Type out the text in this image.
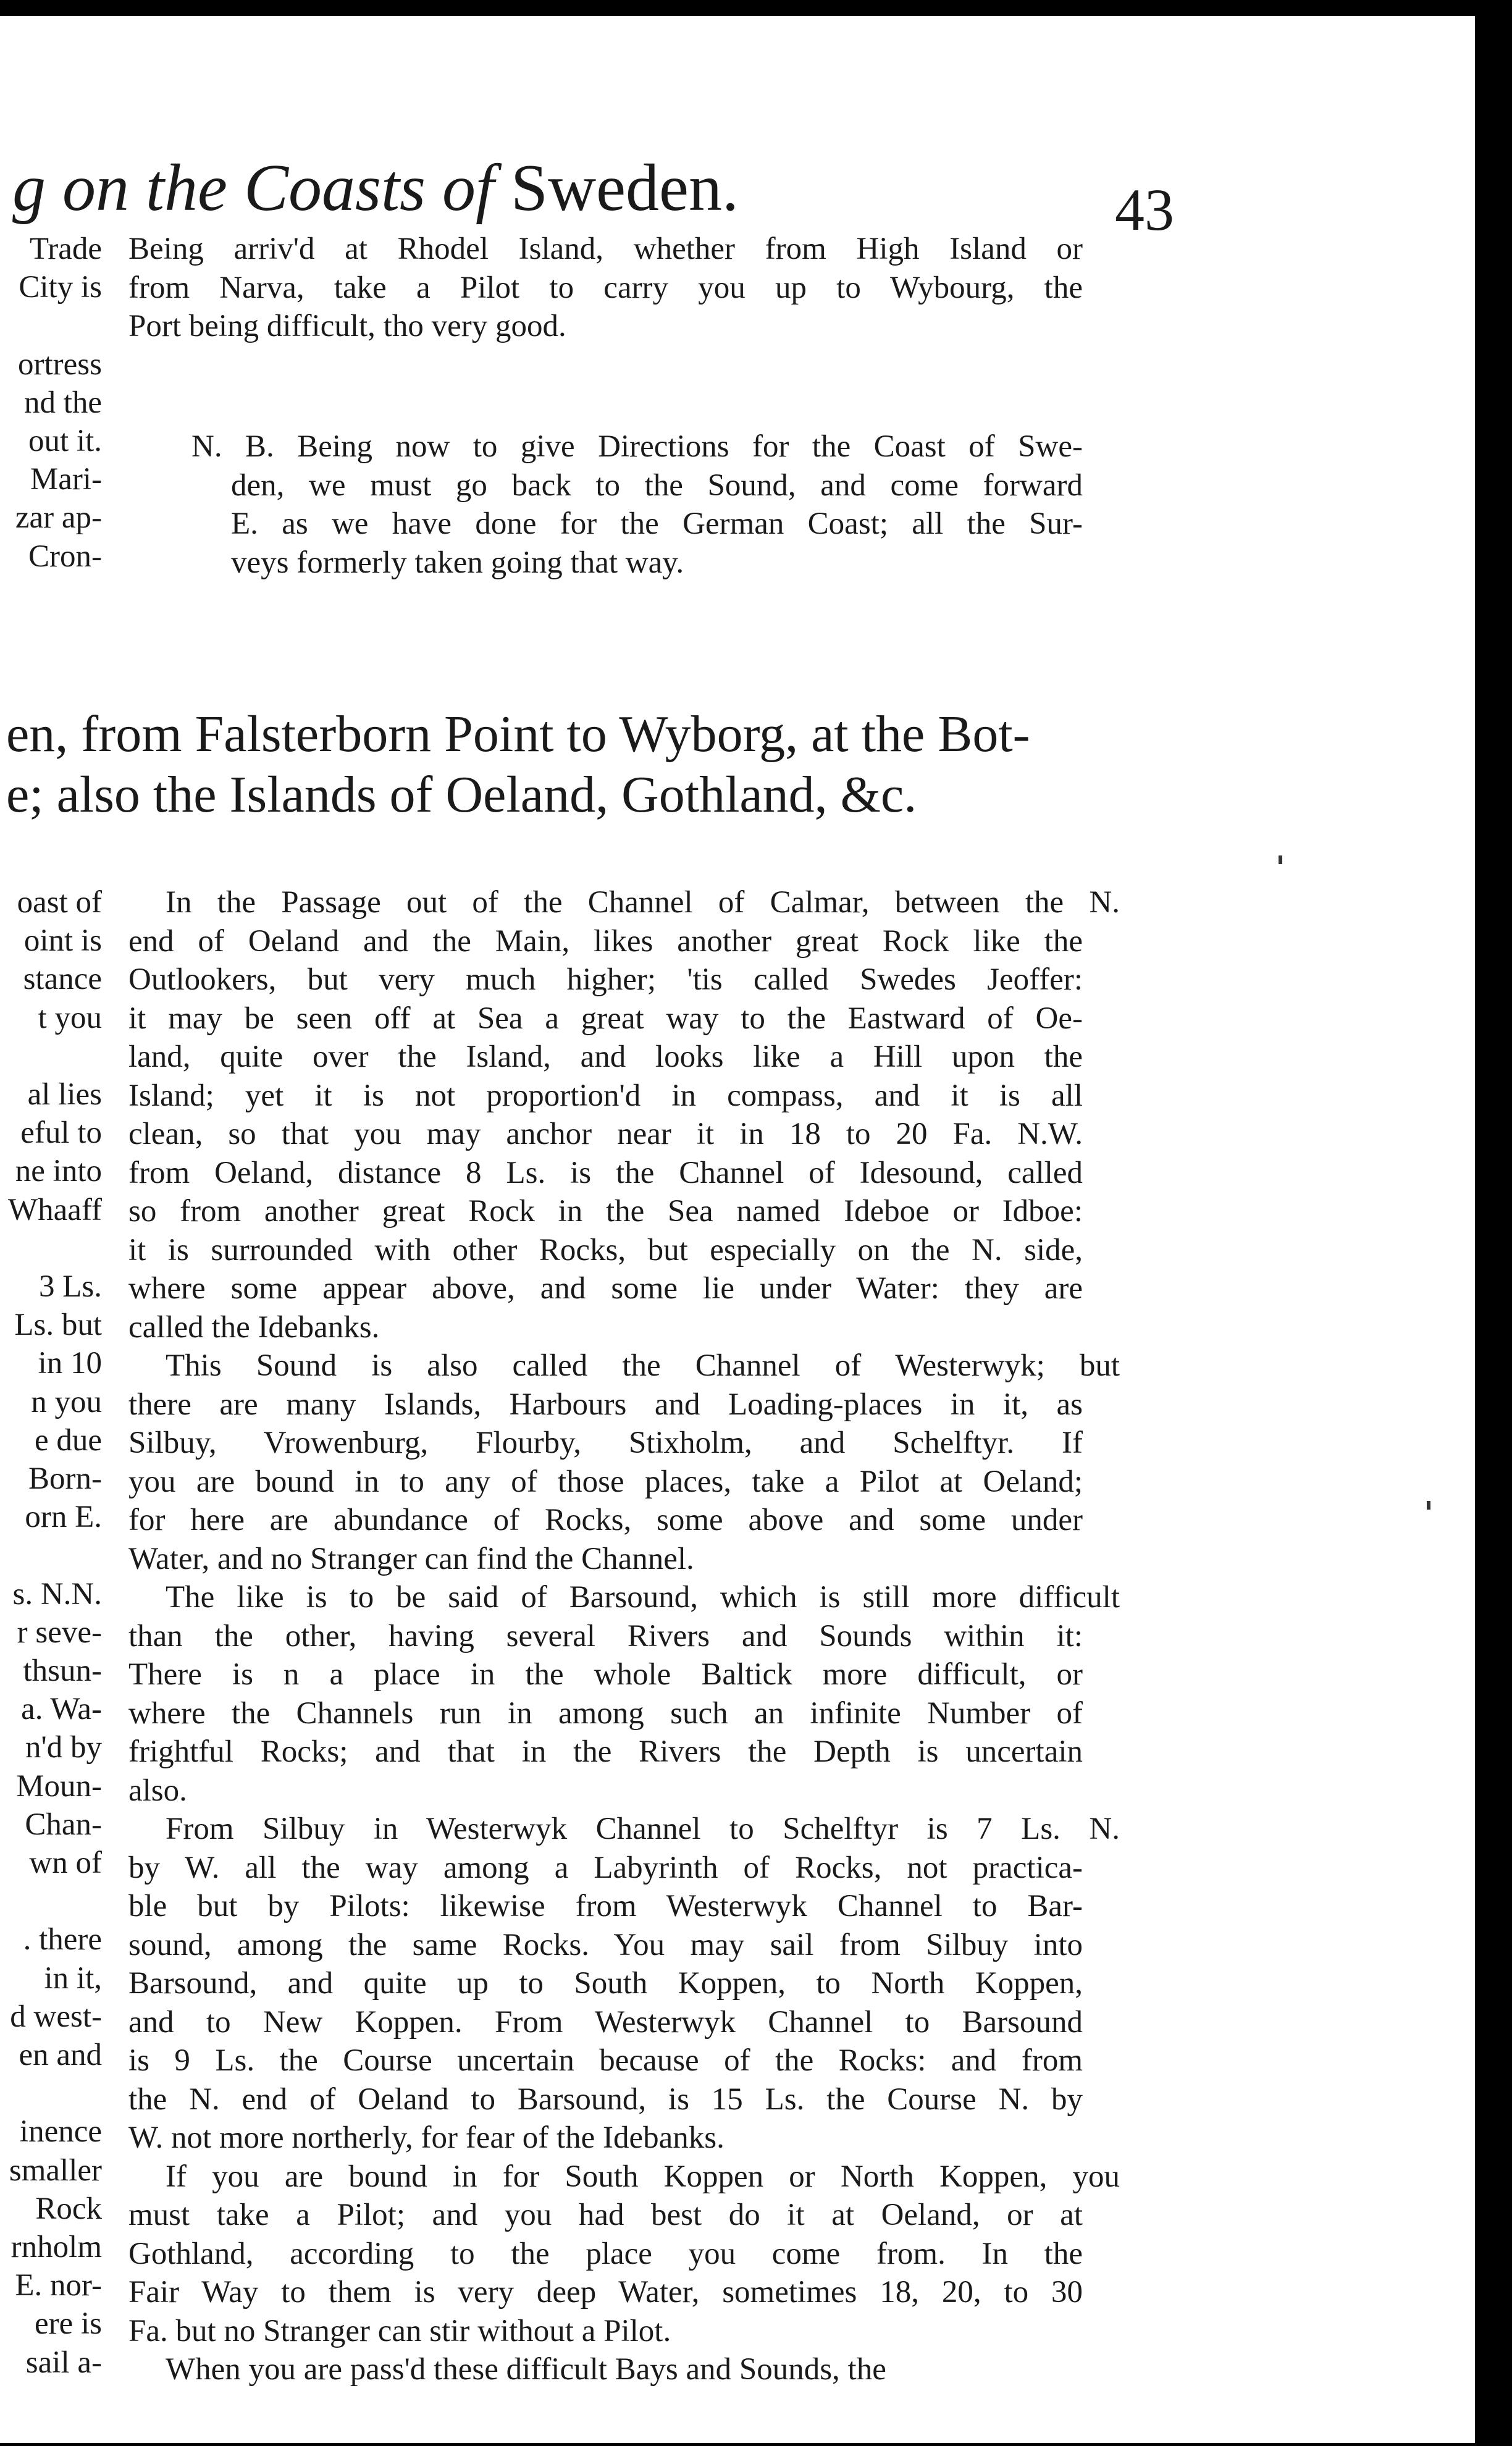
g on the Coasts of Sweden.	43
Trade
City is
ortress
nd the
out it.
Mari-
zar ap-
Cron-
Being arriv'd at Rhodel Island, whether from High Island or
from Narva, take a Pilot to carry you up to Wybourg, the
Port being difficult, tho very good.
N. B. Being now to give Directions for the Coast of Swe-
den, we must go back to the Sound, and come forward
E. as we have done for the German Coast; all the Sur-
veys formerly taken going that way.
en, from Falsterborn Point to Wyborg, at the Bot-
e; also the Islands of Oeland, Gothland, &c.
oast of
oint is
stance
t you
al lies
eful to
ne into
Whaaff
3 Ls.
Ls. but
in 10
n you
e due
Born-
orn E.
s. N.N.
r seve-
thsun-
a. Wa-
n'd by
Moun-
Chan-
wn of
. there
in it,
d west-
en and
inence
smaller
Rock
rnholm
E. nor-
ere is
sail a-
In the Passage out of the Channel of Calmar, between the N.
end of Oeland and the Main, likes another great Rock like the
Outlookers, but very much higher; 'tis called Swedes Jeoffer:
it may be seen off at Sea a great way to the Eastward of Oe-
land, quite over the Island, and looks like a Hill upon the
Island; yet it is not proportion'd in compass, and it is all
clean, so that you may anchor near it in 18 to 20 Fa. N.W.
from Oeland, distance 8 Ls. is the Channel of Idesound, called
so from another great Rock in the Sea named Ideboe or Idboe:
it is surrounded with other Rocks, but especially on the N. side,
where some appear above, and some lie under Water: they are
called the Idebanks.
This Sound is also called the Channel of Westerwyk; but
there are many Islands, Harbours and Loading-places in it, as
Silbuy, Vrowenburg, Flourby, Stixholm, and Schelftyr. If
you are bound in to any of those places, take a Pilot at Oeland;
for here are abundance of Rocks, some above and some under
Water, and no Stranger can find the Channel.
The like is to be said of Barsound, which is still more difficult
than the other, having several Rivers and Sounds within it:
There is n a place in the whole Baltick more difficult, or
where the Channels run in among such an infinite Number of
frightful Rocks; and that in the Rivers the Depth is uncertain
also.
From Silbuy in Westerwyk Channel to Schelftyr is 7 Ls. N.
by W. all the way among a Labyrinth of Rocks, not practica-
ble but by Pilots: likewise from Westerwyk Channel to Bar-
sound, among the same Rocks. You may sail from Silbuy into
Barsound, and quite up to South Koppen, to North Koppen,
and to New Koppen. From Westerwyk Channel to Barsound
is 9 Ls. the Course uncertain because of the Rocks: and from
the N. end of Oeland to Barsound, is 15 Ls. the Course N. by
W. not more northerly, for fear of the Idebanks.
If you are bound in for South Koppen or North Koppen, you
must take a Pilot; and you had best do it at Oeland, or at
Gothland, according to the place you come from. In the
Fair Way to them is very deep Water, sometimes 18, 20, to 30
Fa. but no Stranger can stir without a Pilot.
When you are pass'd these difficult Bays and Sounds, the
